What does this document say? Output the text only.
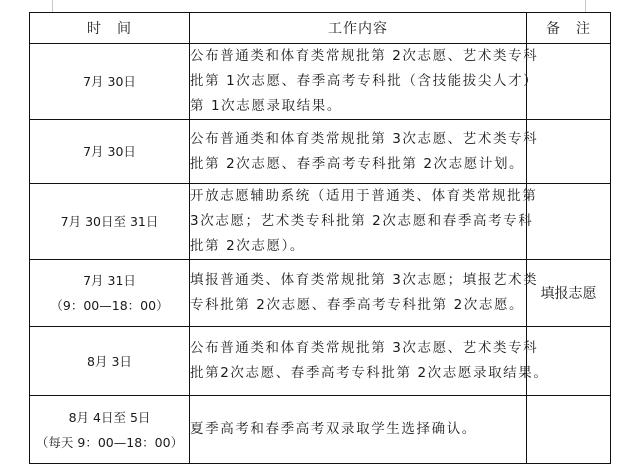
时　间	工作内容	备　注

7月 30日	公布普通类和体育类常规批第 2次志愿、艺术类专科
批第 1次志愿、春季高考专科批（含技能拔尖人才）
第 1次志愿录取结果。	

7月 30日	公布普通类和体育类常规批第 3次志愿、艺术类专科
批第 2次志愿、春季高考专科批第 2次志愿计划。	

7月 30日至 31日	开放志愿辅助系统（适用于普通类、体育类常规批第
3次志愿；艺术类专科批第 2次志愿和春季高考专科
批第 2次志愿）。	

7月 31日
（9：00—18：00）	填报普通类、体育类常规批第 3次志愿；填报艺术类
专科批第 2次志愿、春季高考专科批第 2次志愿。	填报志愿

8月 3日	公布普通类和体育类常规批第 3次志愿、艺术类专科
批第2次志愿、春季高考专科批第 2次志愿录取结果。	

8月 4日至 5日
（每天 9：00—18：00）	夏季高考和春季高考双录取学生选择确认。	
